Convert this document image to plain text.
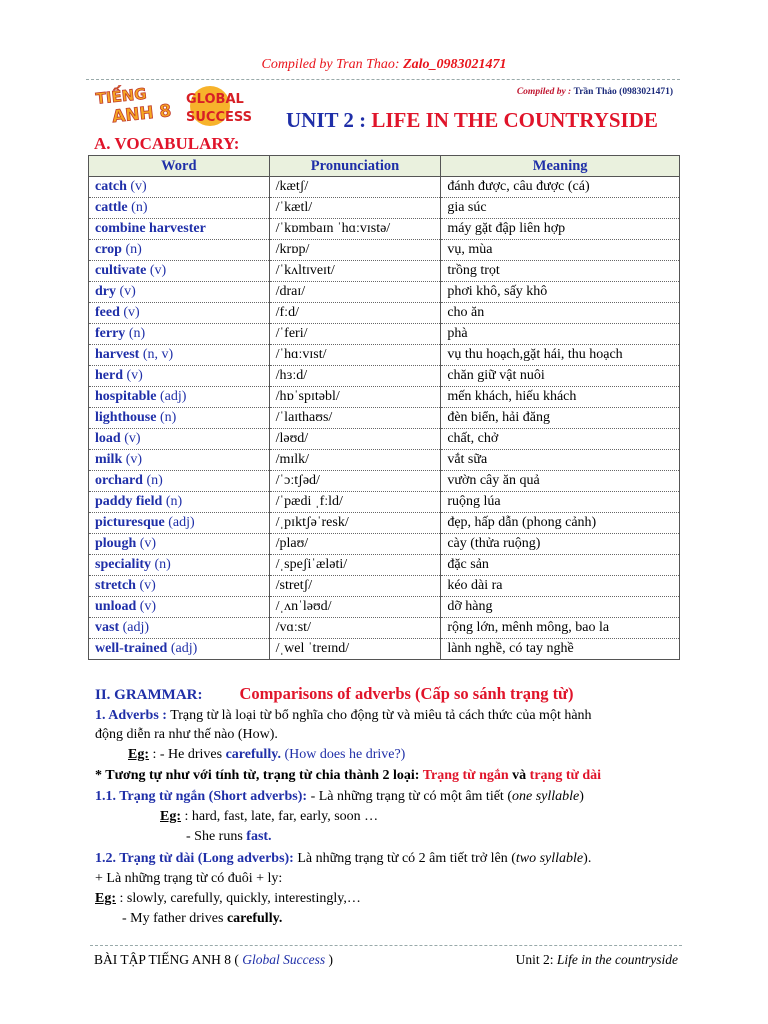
Compiled by Tran Thao: Zalo_0983021471
TIẾNG
ANH 8
GLOBAL
SUCCESS
Compiled by : Trần Thảo (0983021471)
UNIT 2 : LIFE IN THE COUNTRYSIDE
A. VOCABULARY:
Word	Pronunciation	Meaning
catch (v)	/kætʃ/	đánh được, câu được (cá)
cattle (n)	/ˈkætl/	gia súc
combine harvester	/ˈkɒmbaɪn ˈhɑːvɪstə/	máy gặt đập liên hợp
crop (n)	/krɒp/	vụ, mùa
cultivate (v)	/ˈkʌltɪveɪt/	trồng trọt
dry (v)	/draɪ/	phơi khô, sấy khô
feed (v)	/fːd/	cho ăn
ferry (n)	/ˈferi/	phà
harvest (n, v)	/ˈhɑːvɪst/	vụ thu hoạch,gặt hái, thu hoạch
herd (v)	/hɜːd/	chăn giữ vật nuôi
hospitable (adj)	/hɒˈspɪtəbl/	mến khách, hiếu khách
lighthouse (n)	/ˈlaɪthaʊs/	đèn biển, hải đăng
load (v)	/ləʊd/	chất, chở
milk (v)	/mɪlk/	vắt sữa
orchard (n)	/ˈɔːtʃəd/	vườn cây ăn quả
paddy field (n)	/ˈpædi ˌfːld/	ruộng lúa
picturesque (adj)	/ˌpɪktʃəˈresk/	đẹp, hấp dẫn (phong cảnh)
plough (v)	/plaʊ/	cày (thửa ruộng)
speciality (n)	/ˌspeʃiˈæləti/	đặc sản
stretch (v)	/stretʃ/	kéo dài ra
unload (v)	/ˌʌnˈləʊd/	dỡ hàng
vast (adj)	/vɑːst/	rộng lớn, mênh mông, bao la
well-trained (adj)	/ˌwel ˈtreɪnd/	lành nghề, có tay nghề
II. GRAMMAR: Comparisons of adverbs (Cấp so sánh trạng từ)
1. Adverbs : Trạng từ là loại từ bổ nghĩa cho động từ và miêu tả cách thức của một hành
động diễn ra như thế nào (How).
Eg: : - He drives carefully. (How does he drive?)
* Tương tự như với tính từ, trạng từ chia thành 2 loại: Trạng từ ngắn và trạng từ dài
1.1. Trạng từ ngắn (Short adverbs): - Là những trạng từ có một âm tiết (one syllable)
Eg: : hard, fast, late, far, early, soon …
- She runs fast.
1.2. Trạng từ dài (Long adverbs): Là những trạng từ có 2 âm tiết trở lên (two syllable).
+ Là những trạng từ có đuôi + ly:
Eg: : slowly, carefully, quickly, interestingly,…
- My father drives carefully.
BÀI TẬP TIẾNG ANH 8 ( Global Success )	Unit 2: Life in the countryside
